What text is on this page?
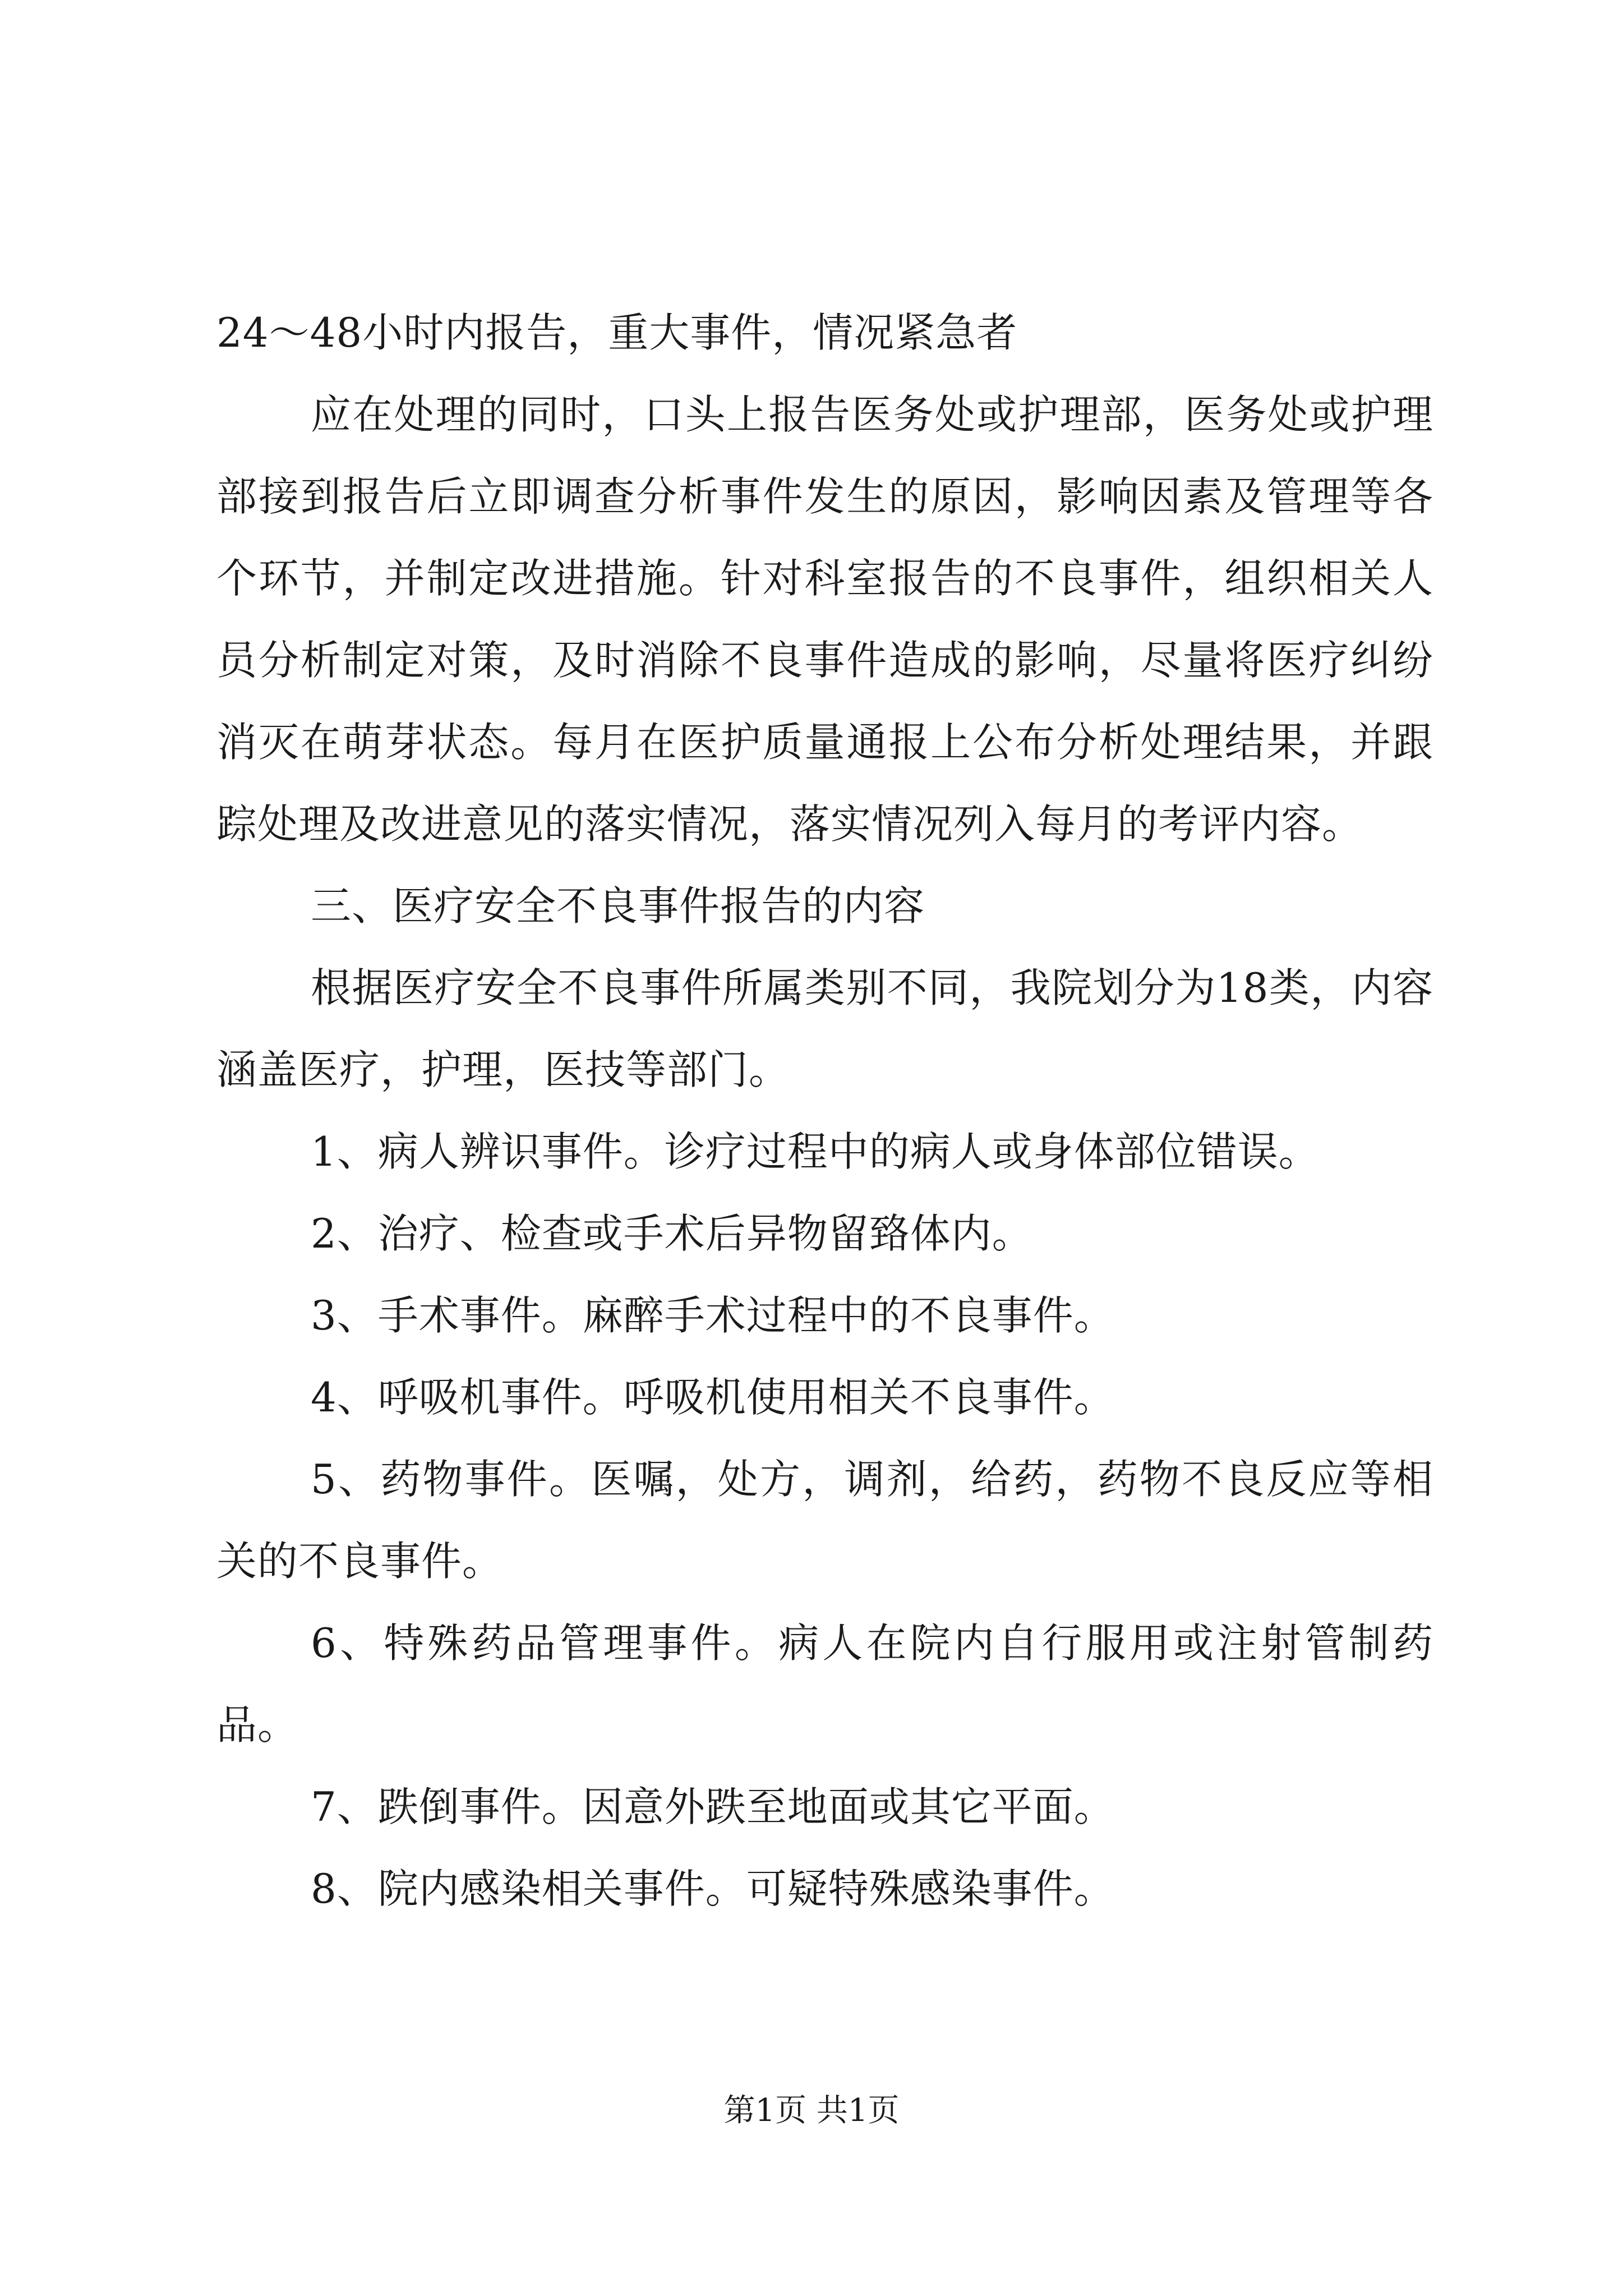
24～48小时内报告，重大事件，情况紧急者

应在处理的同时，口头上报告医务处或护理部，医务处或护理部接到报告后立即调查分析事件发生的原因，影响因素及管理等各个环节，并制定改进措施。针对科室报告的不良事件，组织相关人员分析制定对策，及时消除不良事件造成的影响，尽量将医疗纠纷消灭在萌芽状态。每月在医护质量通报上公布分析处理结果，并跟踪处理及改进意见的落实情况，落实情况列入每月的考评内容。

三、医疗安全不良事件报告的内容

根据医疗安全不良事件所属类别不同，我院划分为18类，内容涵盖医疗，护理，医技等部门。

1、病人辨识事件。诊疗过程中的病人或身体部位错误。

2、治疗、检查或手术后异物留臵体内。

3、手术事件。麻醉手术过程中的不良事件。

4、呼吸机事件。呼吸机使用相关不良事件。

5、药物事件。医嘱，处方，调剂，给药，药物不良反应等相关的不良事件。

6、特殊药品管理事件。病人在院内自行服用或注射管制药品。

7、跌倒事件。因意外跌至地面或其它平面。

8、院内感染相关事件。可疑特殊感染事件。

第1页 共1页
